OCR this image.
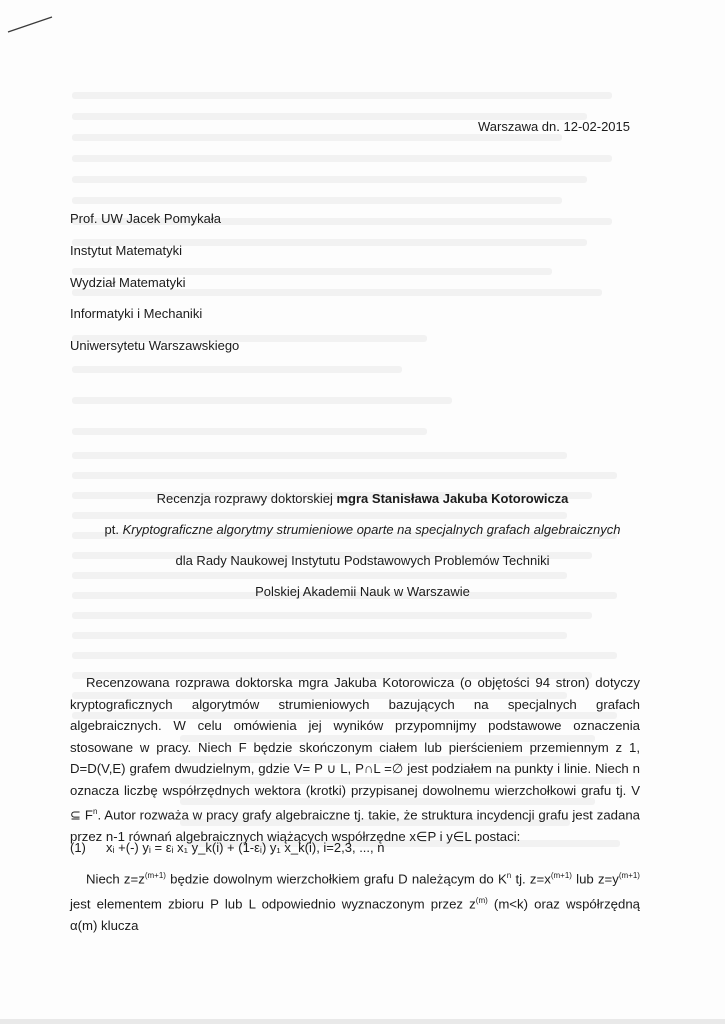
Warszawa dn. 12-02-2015
Prof. UW Jacek Pomykała
Instytut Matematyki
Wydział Matematyki
Informatyki i Mechaniki
Uniwersytetu Warszawskiego
Recenzja rozprawy doktorskiej mgra Stanisława Jakuba Kotorowicza
pt. Kryptograficzne algorytmy strumieniowe oparte na specjalnych grafach algebraicznych
dla Rady Naukowej Instytutu Podstawowych Problemów Techniki
Polskiej Akademii Nauk w Warszawie
Recenzowana rozprawa doktorska mgra Jakuba Kotorowicza (o objętości 94 stron) dotyczy kryptograficznych algorytmów strumieniowych bazujących na specjalnych grafach algebraicznych. W celu omówienia jej wyników przypomnijmy podstawowe oznaczenia stosowane w pracy. Niech F będzie skończonym ciałem lub pierścieniem przemiennym z 1, D=D(V,E) grafem dwudzielnym, gdzie V= P ∪ L, P∩L =∅ jest podziałem na punkty i linie. Niech n oznacza liczbę współrzędnych wektora (krotki) przypisanej dowolnemu wierzchołkowi grafu tj. V ⊆ $F^n$. Autor rozważa w pracy grafy algebraiczne tj. takie, że struktura incydencji grafu jest zadana przez n-1 równań algebraicznych wiążących współrzędne x∈P i y∈L postaci:
(1) xᵢ +(-) yᵢ = εᵢ x₁ y_k(i) + (1-εᵢ) y₁ x_k(i), i=2,3, ..., n
Niech $z=z^{(m+1)}$ będzie dowolnym wierzchołkiem grafu D należącym do $K^n$ tj. $z=x^{(m+1)}$ lub $z=y^{(m+1)}$ jest elementem zbioru P lub L odpowiednio wyznaczonym przez $z^{(m)}$ (m<k) oraz współrzędną α(m) klucza
